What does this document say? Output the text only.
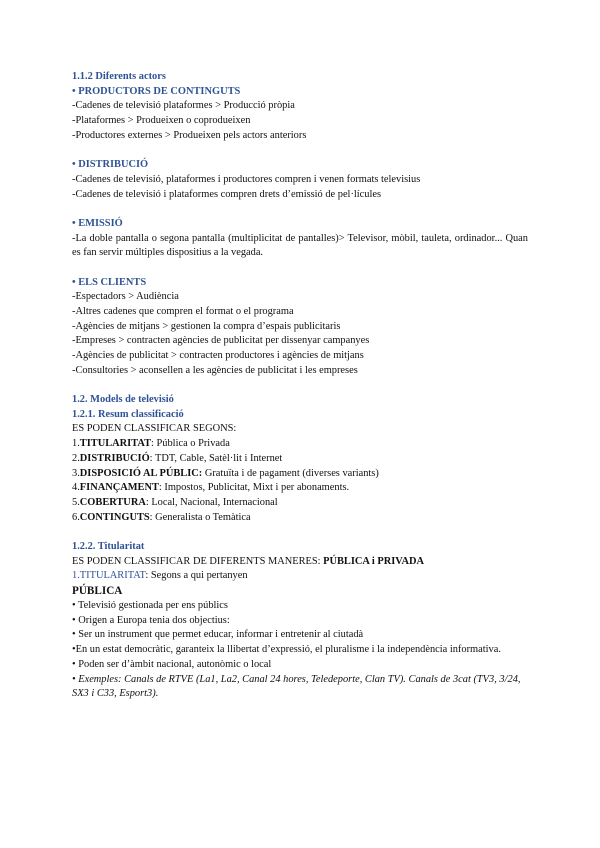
1.1.2 Diferents actors
• PRODUCTORS DE CONTINGUTS
-Cadenes de televisió plataformes > Producció pròpia
-Plataformes > Produeixen o coprodueixen
-Productores externes > Produeixen pels actors anteriors
• DISTRIBUCIÓ
-Cadenes de televisió, plataformes i productores compren i venen formats televisius
-Cadenes de televisió i plataformes compren drets d’emissió de pel·lícules
• EMISSIÓ
-La doble pantalla o segona pantalla (multiplicitat de pantalles)> Televisor, mòbil, tauleta, ordinador... Quan es fan servir múltiples dispositius a la vegada.
• ELS CLIENTS
-Espectadors > Audiència
-Altres cadenes que compren el format o el programa
-Agències de mitjans > gestionen la compra d’espais publicitaris
-Empreses > contracten agències de publicitat per dissenyar campanyes
-Agències de publicitat > contracten productores i agències de mitjans
-Consultories > aconsellen a les agències de publicitat i les empreses
1.2. Models de televisió
1.2.1. Resum classificació
ES PODEN CLASSIFICAR SEGONS:
1.TITULARITAT: Pública o Privada
2.DISTRIBUCIÓ: TDT, Cable, Satèl·lit i Internet
3.DISPOSICIÓ AL PÚBLIC: Gratuïta i de pagament (diverses variants)
4.FINANÇAMENT: Impostos, Publicitat, Mixt i per abonaments.
5.COBERTURA: Local, Nacional, Internacional
6.CONTINGUTS: Generalista o Temàtica
1.2.2. Titularitat
ES PODEN CLASSIFICAR DE DIFERENTS MANERES: PÚBLICA i PRIVADA
1.TITULARITAT: Segons a qui pertanyen
PÚBLICA
• Televisió gestionada per ens públics
• Origen a Europa tenia dos objectius:
• Ser un instrument que permet educar, informar i entretenir al ciutadà
•En un estat democràtic, garanteix la llibertat d’expressió, el pluralisme i la independència informativa.
• Poden ser d’àmbit nacional, autonòmic o local
• Exemples: Canals de RTVE (La1, La2, Canal 24 hores, Teledeporte, Clan TV). Canals de 3cat (TV3, 3/24, SX3 i C33, Esport3).
